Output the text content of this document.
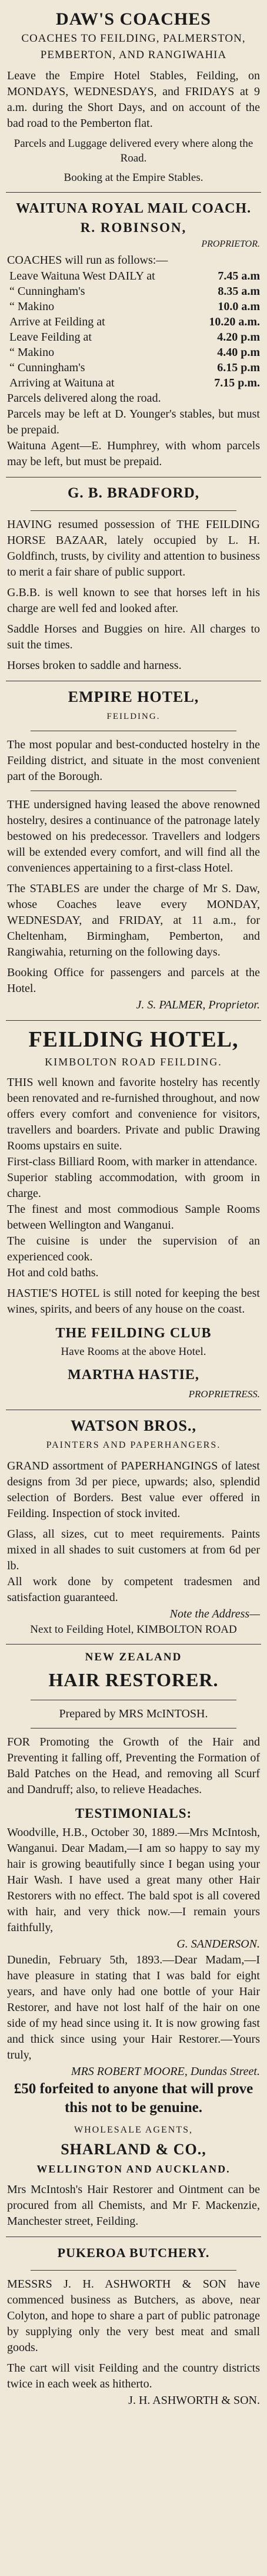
DAW'S COACHES
COACHES TO FEILDING, PALMERSTON, PEMBERTON, AND RANGIWAHIA

Leave the Empire Hotel Stables, Feilding, on MONDAYS, WEDNESDAYS, and FRIDAYS at 9 a.m. during the Short Days, and on account of the bad road to the Pemberton flat.

Parcels and Luggage delivered every where along the Road.

Booking at the Empire Stables.

WAITUNA ROYAL MAIL COACH.
R. ROBINSON,
PROPRIETOR.

COACHES will run as follows:—

Leave Waituna West DAILY at	7.45 a.m
“ Cunningham's	8.35 a.m
“ Makino	10.0 a.m
Arrive at Feilding at	10.20 a.m.
Leave Feilding at	4.20 p.m
“ Makino	4.40 p.m
“ Cunningham's	6.15 p.m
Arriving at Waituna at	7.15 p.m.

Parcels delivered along the road.

Parcels may be left at D. Younger's stables, but must be prepaid.

Waituna Agent—E. Humphrey, with whom parcels may be left, but must be prepaid.

G. B. BRADFORD,

HAVING resumed possession of THE FEILDING HORSE BAZAAR, lately occupied by L. H. Goldfinch, trusts, by civility and attention to business to merit a fair share of public support.

G.B.B. is well known to see that horses left in his charge are well fed and looked after.

Saddle Horses and Buggies on hire. All charges to suit the times.

Horses broken to saddle and harness.

EMPIRE HOTEL,
FEILDING.

The most popular and best-conducted hostelry in the Feilding district, and situate in the most convenient part of the Borough.

THE undersigned having leased the above renowned hostelry, desires a continuance of the patronage lately bestowed on his predecessor. Travellers and lodgers will be extended every comfort, and will find all the conveniences appertaining to a first-class Hotel.

The STABLES are under the charge of Mr S. Daw, whose Coaches leave every MONDAY, WEDNESDAY, and FRIDAY, at 11 a.m., for Cheltenham, Birmingham, Pemberton, and Rangiwahia, returning on the following days.

Booking Office for passengers and parcels at the Hotel.

J. S. PALMER, Proprietor.
FEILDING HOTEL,
KIMBOLTON ROAD FEILDING.

THIS well known and favorite hostelry has recently been renovated and re-furnished throughout, and now offers every comfort and convenience for visitors, travellers and boarders. Private and public Drawing Rooms upstairs en suite.

First-class Billiard Room, with marker in attendance.

Superior stabling accommodation, with groom in charge.

The finest and most commodious Sample Rooms between Wellington and Wanganui.

The cuisine is under the supervision of an experienced cook.

Hot and cold baths.

HASTIE'S HOTEL is still noted for keeping the best wines, spirits, and beers of any house on the coast.

THE FEILDING CLUB
Have Rooms at the above Hotel.
MARTHA HASTIE,
PROPRIETRESS.
WATSON BROS.,
PAINTERS AND PAPERHANGERS.

GRAND assortment of PAPERHANGINGS of latest designs from 3d per piece, upwards; also, splendid selection of Borders. Best value ever offered in Feilding. Inspection of stock invited.

Glass, all sizes, cut to meet requirements. Paints mixed in all shades to suit customers at from 6d per lb.

All work done by competent tradesmen and satisfaction guaranteed.

Note the Address—

Next to Feilding Hotel, KIMBOLTON ROAD

NEW ZEALAND
HAIR RESTORER.
Prepared by MRS McINTOSH.

FOR Promoting the Growth of the Hair and Preventing it falling off, Preventing the Formation of Bald Patches on the Head, and removing all Scurf and Dandruff; also, to relieve Headaches.

TESTIMONIALS:

Woodville, H.B., October 30, 1889.—Mrs McIntosh, Wanganui. Dear Madam,—I am so happy to say my hair is growing beautifully since I began using your Hair Wash. I have used a great many other Hair Restorers with no effect. The bald spot is all covered with hair, and very thick now.—I remain yours faithfully,

G. SANDERSON.

Dunedin, February 5th, 1893.—Dear Madam,—I have pleasure in stating that I was bald for eight years, and have only had one bottle of your Hair Restorer, and have not lost half of the hair on one side of my head since using it. It is now growing fast and thick since using your Hair Restorer.—Yours truly,

MRS ROBERT MOORE, Dundas Street.
£50 forfeited to anyone that will prove this not to be genuine.
WHOLESALE AGENTS,
SHARLAND & CO.,
WELLINGTON AND AUCKLAND.

Mrs McIntosh's Hair Restorer and Ointment can be procured from all Chemists, and Mr F. Mackenzie, Manchester street, Feilding.

PUKEROA BUTCHERY.

MESSRS J. H. ASHWORTH & SON have commenced business as Butchers, as above, near Colyton, and hope to share a part of public patronage by supplying only the very best meat and small goods.

The cart will visit Feilding and the country districts twice in each week as hitherto.

J. H. ASHWORTH & SON.
